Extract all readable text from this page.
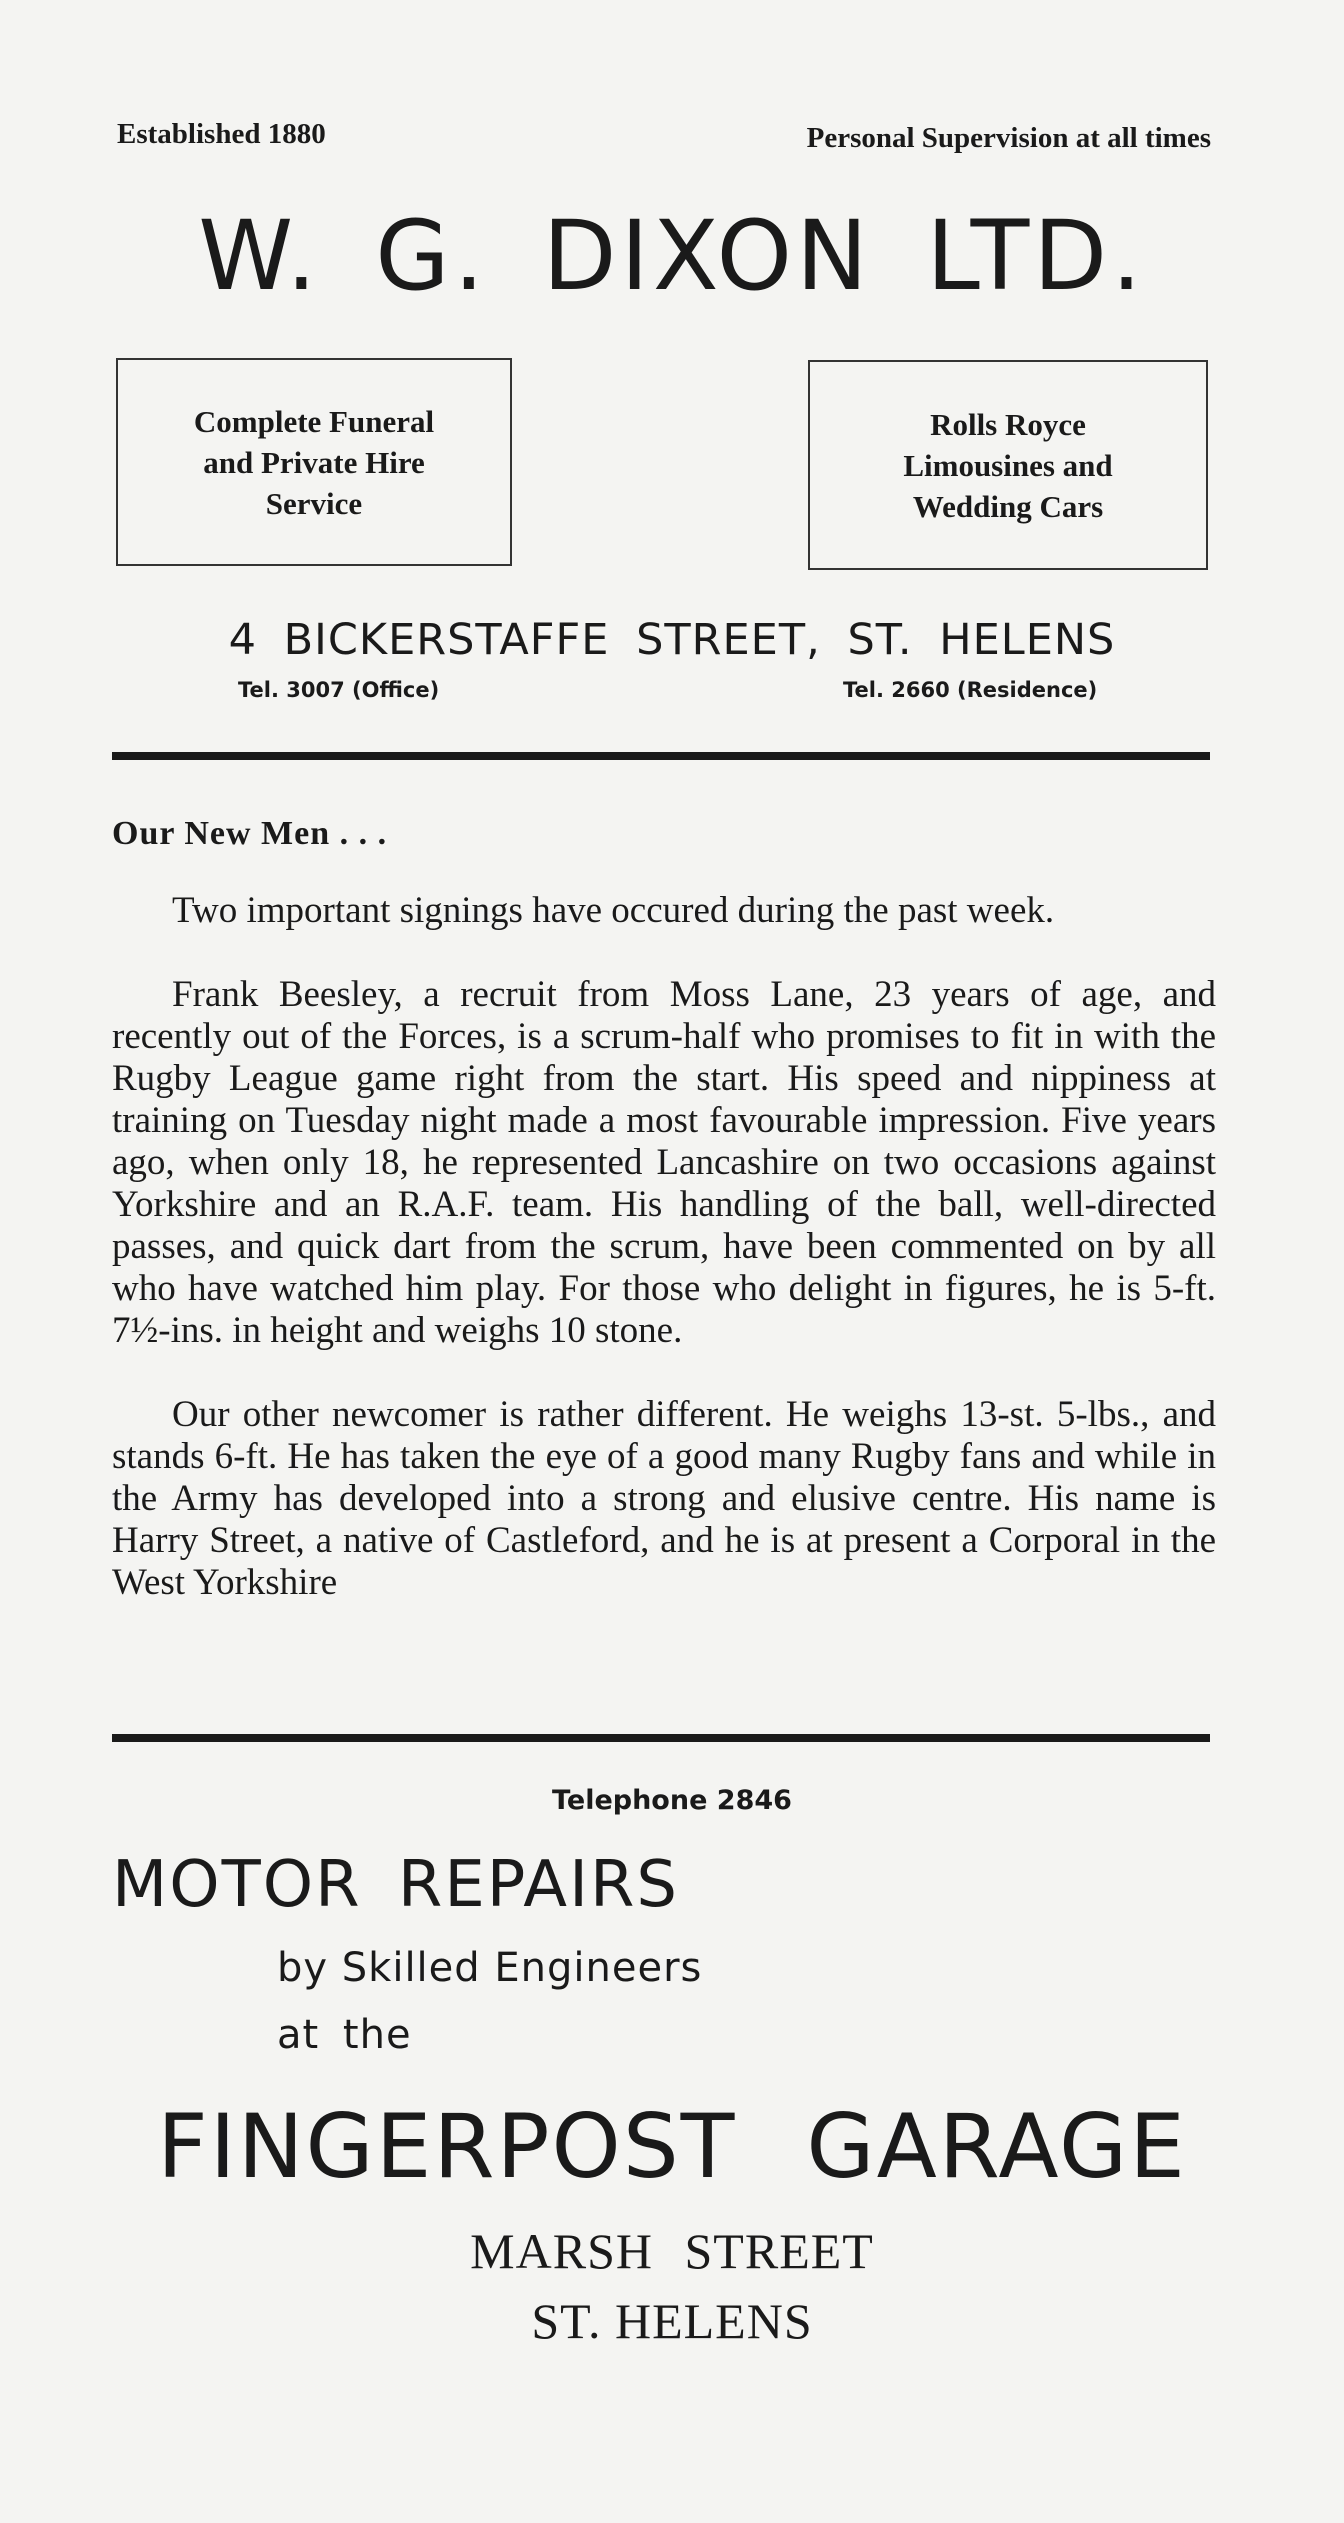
Established 1880	Personal Supervision at all times
W. G. DIXON LTD.
Complete Funeral
and Private Hire
Service
Rolls Royce
Limousines and
Wedding Cars
4 BICKERSTAFFE STREET, ST. HELENS
Tel. 3007 (Office)	Tel. 2660 (Residence)
Our New Men . . .

Two important signings have occured during the past week.

Frank Beesley, a recruit from Moss Lane, 23 years of age, and recently out of the Forces, is a scrum-half who promises to fit in with the Rugby League game right from the start. His speed and nippiness at training on Tuesday night made a most favourable impression. Five years ago, when only 18, he represented Lancashire on two occasions against Yorkshire and an R.A.F. team. His handling of the ball, well-directed passes, and quick dart from the scrum, have been commented on by all who have watched him play. For those who delight in figures, he is 5-ft. 7½-ins. in height and weighs 10 stone.

Our other newcomer is rather different. He weighs 13-st. 5-lbs., and stands 6-ft. He has taken the eye of a good many Rugby fans and while in the Army has developed into a strong and elusive centre. His name is Harry Street, a native of Castleford, and he is at present a Corporal in the West Yorkshire

Telephone 2846
MOTOR REPAIRS
by Skilled Engineers
at the
FINGERPOST GARAGE
MARSH STREET
ST. HELENS
